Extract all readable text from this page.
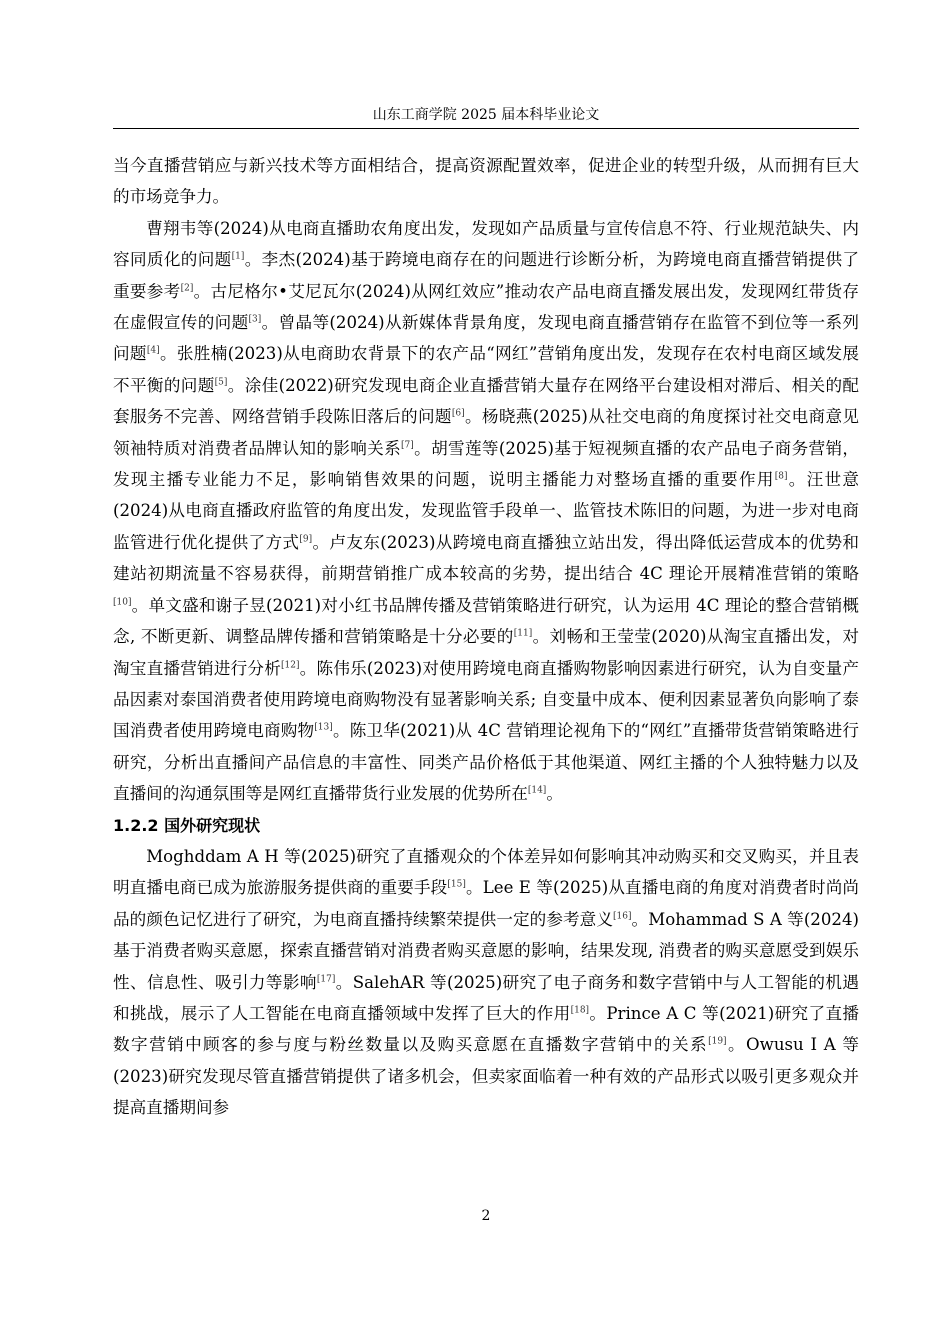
山东工商学院 2025 届本科毕业论文

当今直播营销应与新兴技术等方面相结合，提高资源配置效率，促进企业的转型升级，从而拥有巨大的市场竞争力。

曹翔韦等(2024)从电商直播助农角度出发，发现如产品质量与宣传信息不符、行业规范缺失、内容同质化的问题[1]。李杰(2024)基于跨境电商存在的问题进行诊断分析，为跨境电商直播营销提供了重要参考[2]。古尼格尔•艾尼瓦尔(2024)从网红效应”推动农产品电商直播发展出发，发现网红带货存在虚假宣传的问题[3]。曾晶等(2024)从新媒体背景角度，发现电商直播营销存在监管不到位等一系列问题[4]。张胜楠(2023)从电商助农背景下的农产品“网红”营销角度出发，发现存在农村电商区域发展不平衡的问题[5]。涂佳(2022)研究发现电商企业直播营销大量存在网络平台建设相对滞后、相关的配套服务不完善、网络营销手段陈旧落后的问题[6]。杨晓燕(2025)从社交电商的角度探讨社交电商意见领袖特质对消费者品牌认知的影响关系[7]。胡雪莲等(2025)基于短视频直播的农产品电子商务营销，发现主播专业能力不足，影响销售效果的问题，说明主播能力对整场直播的重要作用[8]。汪世意(2024)从电商直播政府监管的角度出发，发现监管手段单一、监管技术陈旧的问题，为进一步对电商监管进行优化提供了方式[9]。卢友东(2023)从跨境电商直播独立站出发，得出降低运营成本的优势和建站初期流量不容易获得，前期营销推广成本较高的劣势，提出结合 4C 理论开展精准营销的策略[10]。单文盛和谢子昱(2021)对小红书品牌传播及营销策略进行研究，认为运用 4C 理论的整合营销概念, 不断更新、调整品牌传播和营销策略是十分必要的[11]。刘畅和王莹莹(2020)从淘宝直播出发，对淘宝直播营销进行分析[12]。陈伟乐(2023)对使用跨境电商直播购物影响因素进行研究，认为自变量产品因素对泰国消费者使用跨境电商购物没有显著影响关系; 自变量中成本、便利因素显著负向影响了泰国消费者使用跨境电商购物[13]。陈卫华(2021)从 4C 营销理论视角下的“网红”直播带货营销策略进行研究，分析出直播间产品信息的丰富性、同类产品价格低于其他渠道、网红主播的个人独特魅力以及直播间的沟通氛围等是网红直播带货行业发展的优势所在[14]。

1.2.2 国外研究现状

Moghddam A H 等(2025)研究了直播观众的个体差异如何影响其冲动购买和交叉购买，并且表明直播电商已成为旅游服务提供商的重要手段[15]。Lee E 等(2025)从直播电商的角度对消费者时尚尚品的颜色记忆进行了研究，为电商直播持续繁荣提供一定的参考意义[16]。Mohammad S A 等(2024)基于消费者购买意愿，探索直播营销对消费者购买意愿的影响，结果发现, 消费者的购买意愿受到娱乐性、信息性、吸引力等影响[17]。SalehAR 等(2025)研究了电子商务和数字营销中与人工智能的机遇和挑战，展示了人工智能在电商直播领域中发挥了巨大的作用[18]。Prince A C 等(2021)研究了直播数字营销中顾客的参与度与粉丝数量以及购买意愿在直播数字营销中的关系[19]。Owusu I A 等(2023)研究发现尽管直播营销提供了诸多机会，但卖家面临着一种有效的产品形式以吸引更多观众并提高直播期间参

2
